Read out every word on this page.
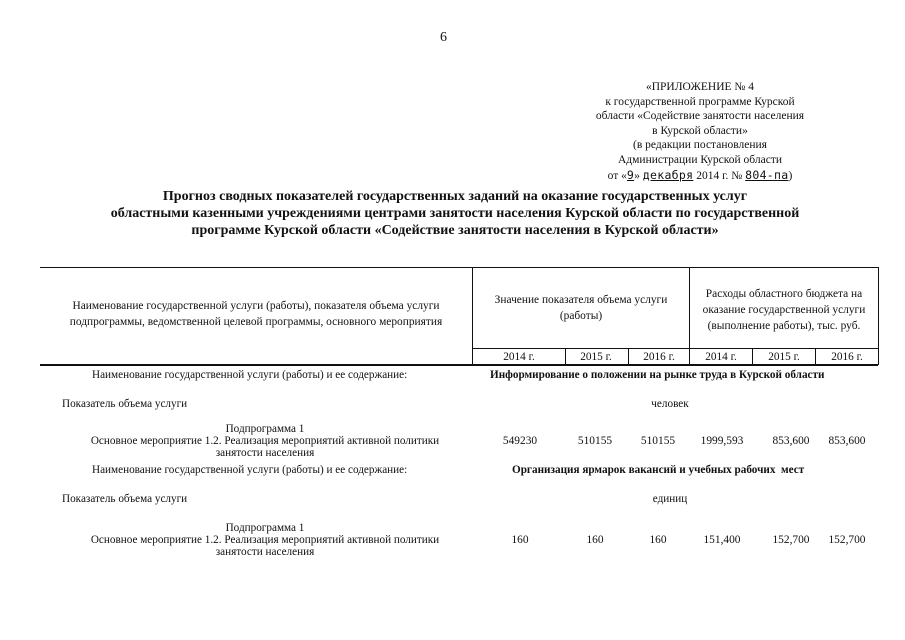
6
«ПРИЛОЖЕНИЕ № 4
к государственной программе Курской
области «Содействие занятости населения
в Курской области»
(в редакции постановления
Администрации Курской области
от «9» декабря 2014 г. № 804-па)
Прогноз сводных показателей государственных заданий на оказание государственных услуг
областными казенными учреждениями центрами занятости населения Курской области по государственной
программе Курской области «Содействие занятости населения в Курской области»
Наименование государственной услуги (работы), показателя объема услуги
подпрограммы, ведомственной целевой программы, основного мероприятия
Значение показателя объема услуги
(работы)
Расходы областного бюджета на
оказание государственной услуги
(выполнение работы), тыс. руб.
2014 г.	2015 г.	2016 г.	2014 г.	2015 г.	2016 г.
Наименование государственной услуги (работы) и ее содержание:	Информирование о положении на рынке труда в Курской области
Показатель объема услуги	человек
Подпрограмма 1
Основное мероприятие 1.2. Реализация мероприятий активной политики
занятости населения
549230	510155	510155	1999,593	853,600	853,600
Наименование государственной услуги (работы) и ее содержание:	Организация ярмарок вакансий и учебных рабочих  мест
Показатель объема услуги	единиц
Подпрограмма 1
Основное мероприятие 1.2. Реализация мероприятий активной политики
занятости населения
160	160	160	151,400	152,700	152,700
